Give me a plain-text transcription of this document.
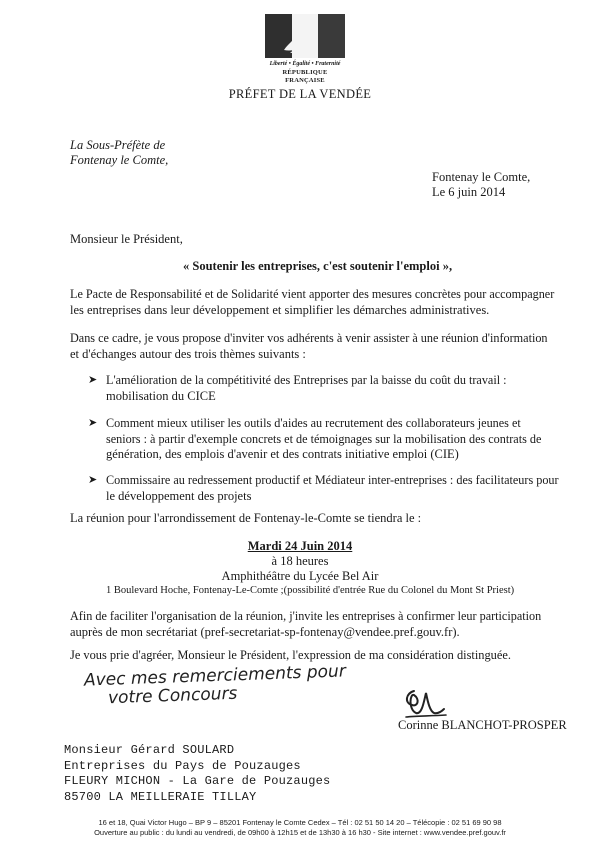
Liberté • Égalité • Fraternité
RÉPUBLIQUE FRANÇAISE
PRÉFET DE LA VENDÉE
La Sous-Préfète de
Fontenay le Comte,
Fontenay le Comte,
Le 6 juin 2014
Monsieur le Président,
« Soutenir les entreprises, c'est soutenir l'emploi »,
Le Pacte de Responsabilité et de Solidarité vient apporter des mesures concrètes pour accompagner
les entreprises dans leur développement et simplifier les démarches administratives.
Dans ce cadre, je vous propose d'inviter vos adhérents à venir assister à une réunion d'information
et d'échanges autour des trois thèmes suivants :
➤ L'amélioration de la compétitivité des Entreprises par la baisse du coût du travail :
mobilisation du CICE
➤ Comment mieux utiliser les outils d'aides au recrutement des collaborateurs jeunes et
seniors : à partir d'exemple concrets et de témoignages sur la mobilisation des contrats de
génération, des emplois d'avenir et des contrats initiative emploi (CIE)
➤ Commissaire au redressement productif et Médiateur inter-entreprises : des facilitateurs pour
le développement des projets
La réunion pour l'arrondissement de Fontenay-le-Comte se tiendra le :
Mardi 24 Juin 2014
à 18 heures
Amphithéâtre du Lycée Bel Air
1 Boulevard Hoche, Fontenay-Le-Comte ;(possibilité d'entrée Rue du Colonel du Mont St Priest)
Afin de faciliter l'organisation de la réunion, j'invite les entreprises à confirmer leur participation
auprès de mon secrétariat (pref-secretariat-sp-fontenay@vendee.pref.gouv.fr).
Je vous prie d'agréer, Monsieur le Président, l'expression de ma considération distinguée.
Avec mes remerciements pour
votre Concours
Corinne BLANCHOT-PROSPER
Monsieur Gérard SOULARD
Entreprises du Pays de Pouzauges
FLEURY MICHON - La Gare de Pouzauges
85700 LA MEILLERAIE TILLAY
16 et 18, Quai Victor Hugo – BP 9 – 85201 Fontenay le Comte Cedex – Tél : 02 51 50 14 20 – Télécopie : 02 51 69 90 98
Ouverture au public : du lundi au vendredi, de 09h00 à 12h15 et de 13h30 à 16 h30 - Site internet : www.vendee.pref.gouv.fr
